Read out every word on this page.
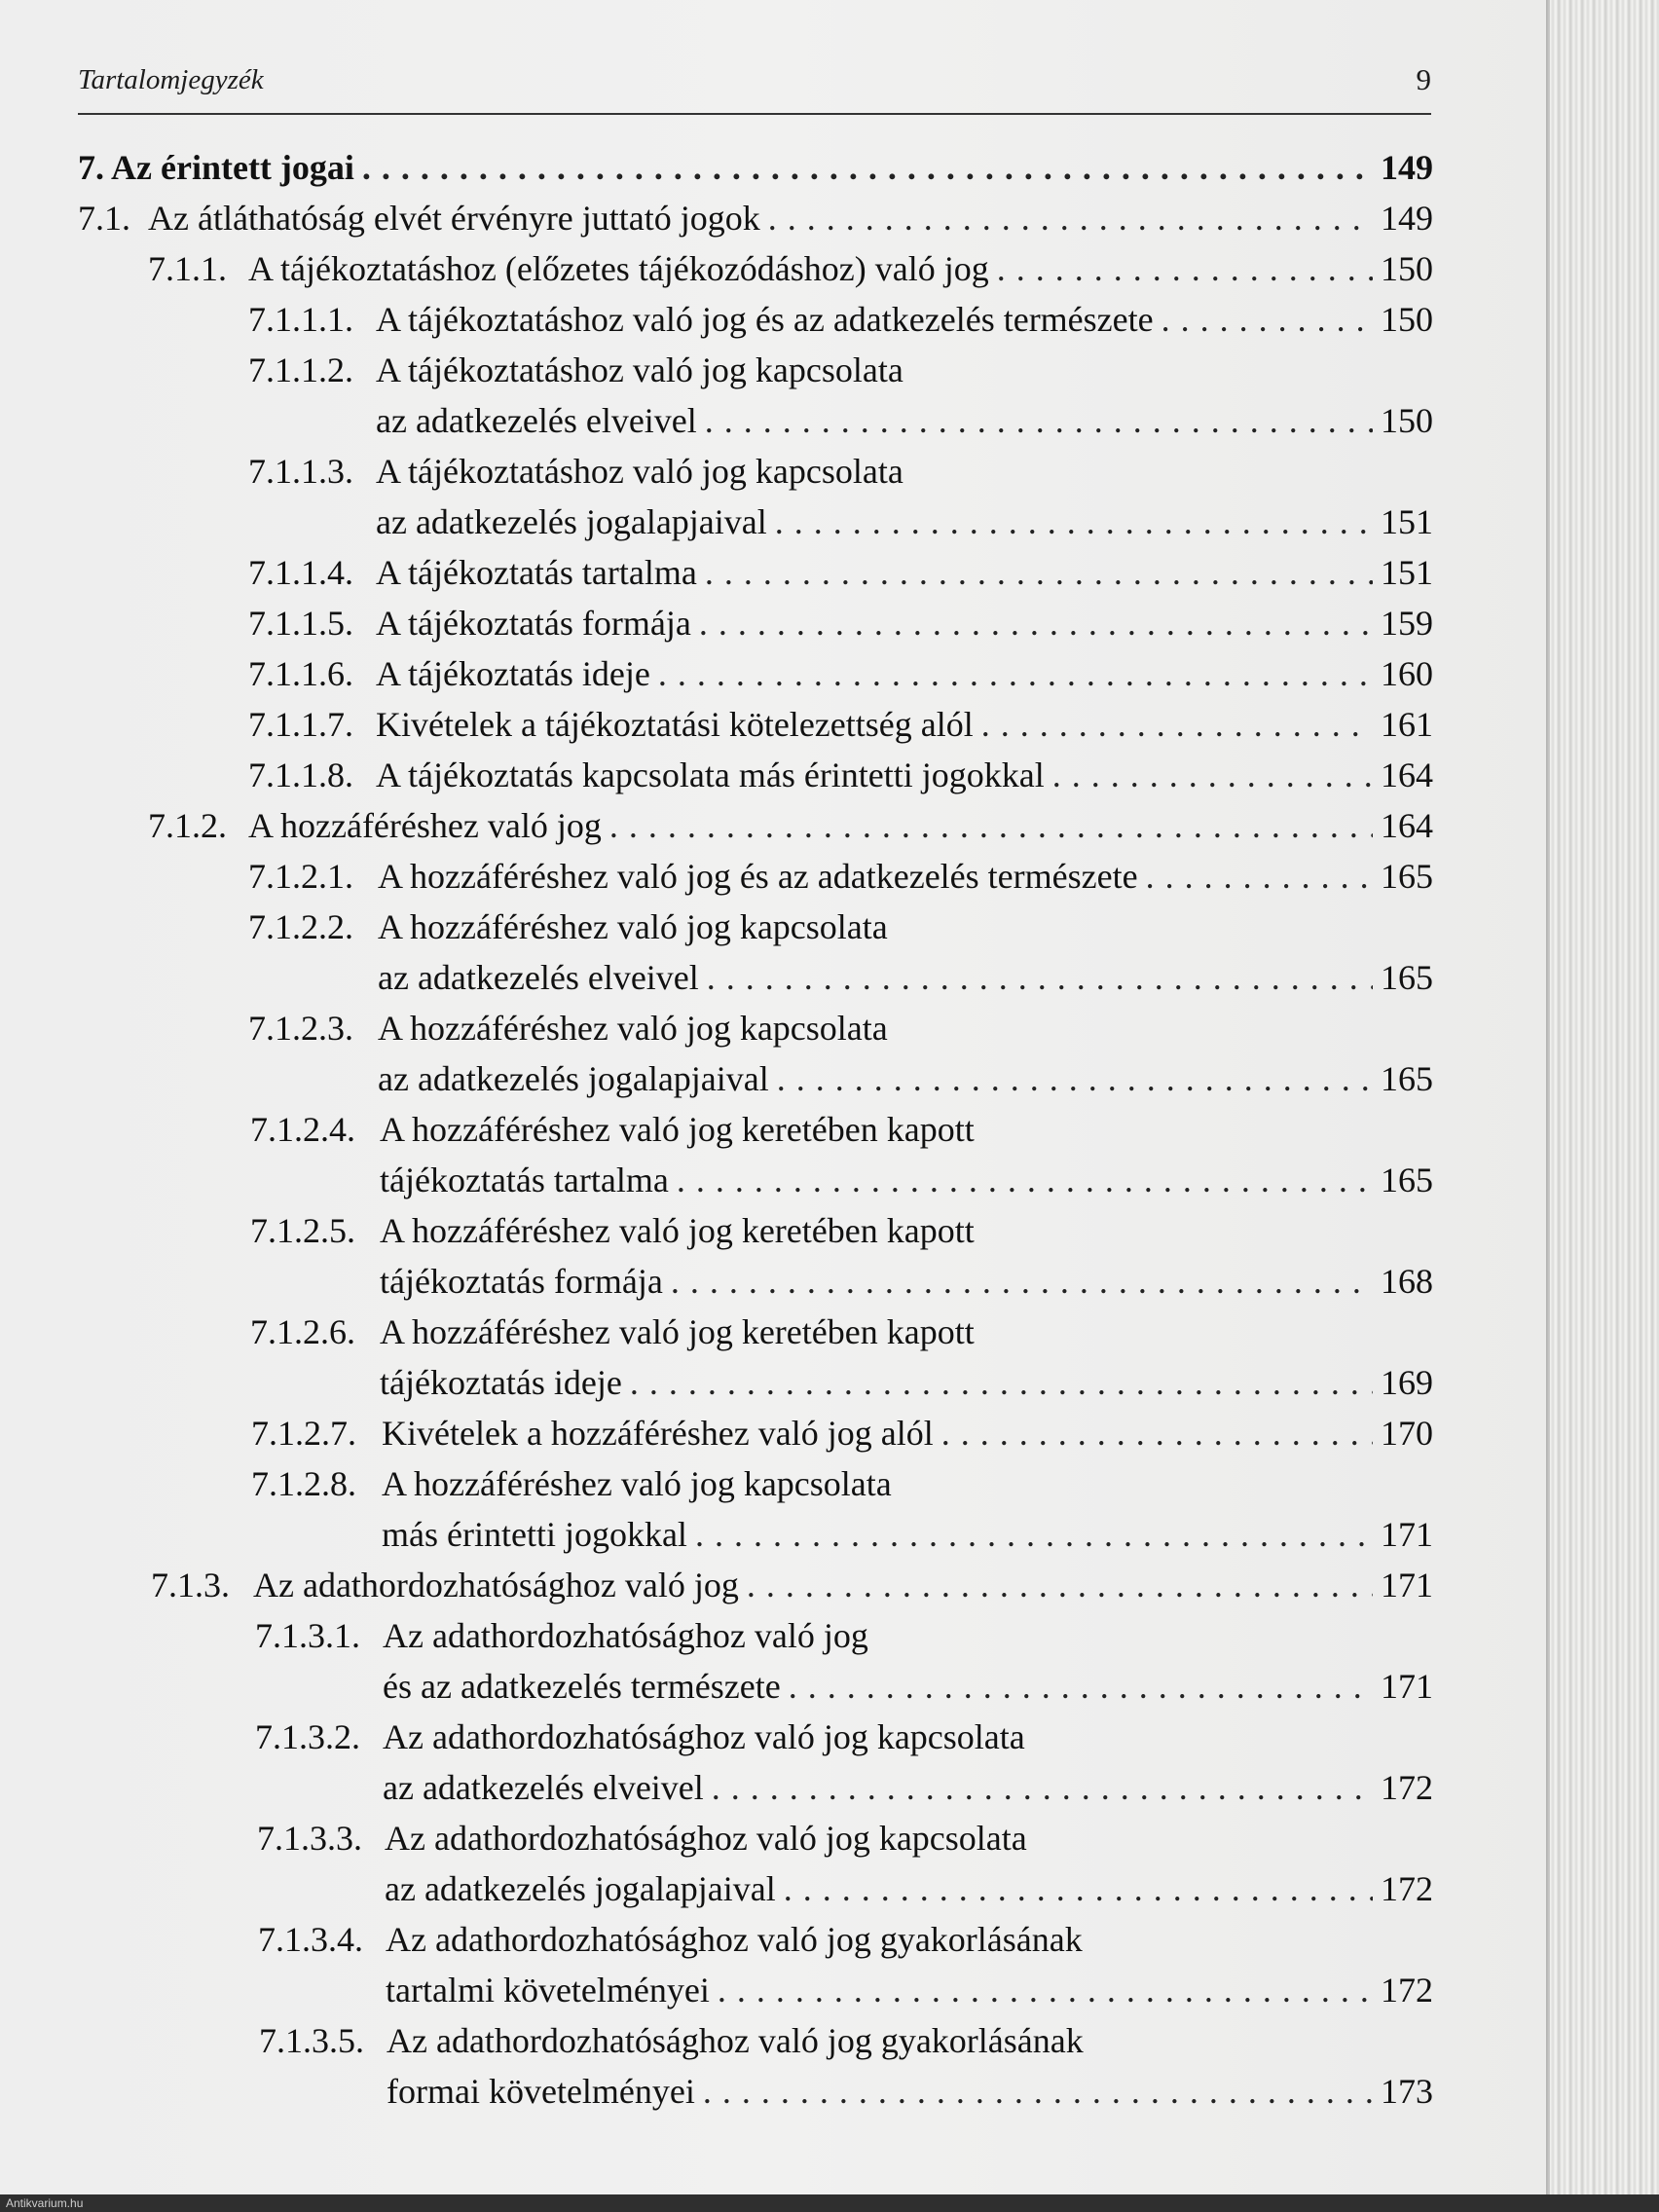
Tartalomjegyzék	9
7. Az érintett jogai . . .	149
7.1. Az átláthatóság elvét érvényre juttató jogok . . .	149
7.1.1. A tájékoztatáshoz (előzetes tájékozódáshoz) való jog . . .	150
7.1.1.1. A tájékoztatáshoz való jog és az adatkezelés természete . . .	150
7.1.1.2. A tájékoztatáshoz való jog kapcsolata
az adatkezelés elveivel . . .	150
7.1.1.3. A tájékoztatáshoz való jog kapcsolata
az adatkezelés jogalapjaival . . .	151
7.1.1.4. A tájékoztatás tartalma . . .	151
7.1.1.5. A tájékoztatás formája . . .	159
7.1.1.6. A tájékoztatás ideje . . .	160
7.1.1.7. Kivételek a tájékoztatási kötelezettség alól . . .	161
7.1.1.8. A tájékoztatás kapcsolata más érintetti jogokkal . . .	164
7.1.2. A hozzáféréshez való jog . . .	164
7.1.2.1. A hozzáféréshez való jog és az adatkezelés természete . . .	165
7.1.2.2. A hozzáféréshez való jog kapcsolata
az adatkezelés elveivel . . .	165
7.1.2.3. A hozzáféréshez való jog kapcsolata
az adatkezelés jogalapjaival . . .	165
7.1.2.4. A hozzáféréshez való jog keretében kapott
tájékoztatás tartalma . . .	165
7.1.2.5. A hozzáféréshez való jog keretében kapott
tájékoztatás formája . . .	168
7.1.2.6. A hozzáféréshez való jog keretében kapott
tájékoztatás ideje . . .	169
7.1.2.7. Kivételek a hozzáféréshez való jog alól . . .	170
7.1.2.8. A hozzáféréshez való jog kapcsolata
más érintetti jogokkal . . .	171
7.1.3. Az adathordozhatósághoz való jog . . .	171
7.1.3.1. Az adathordozhatósághoz való jog
és az adatkezelés természete . . .	171
7.1.3.2. Az adathordozhatósághoz való jog kapcsolata
az adatkezelés elveivel . . .	172
7.1.3.3. Az adathordozhatósághoz való jog kapcsolata
az adatkezelés jogalapjaival . . .	172
7.1.3.4. Az adathordozhatósághoz való jog gyakorlásának
tartalmi követelményei . . .	172
7.1.3.5. Az adathordozhatósághoz való jog gyakorlásának
formai követelményei . . .	173
Antikvarium.hu
